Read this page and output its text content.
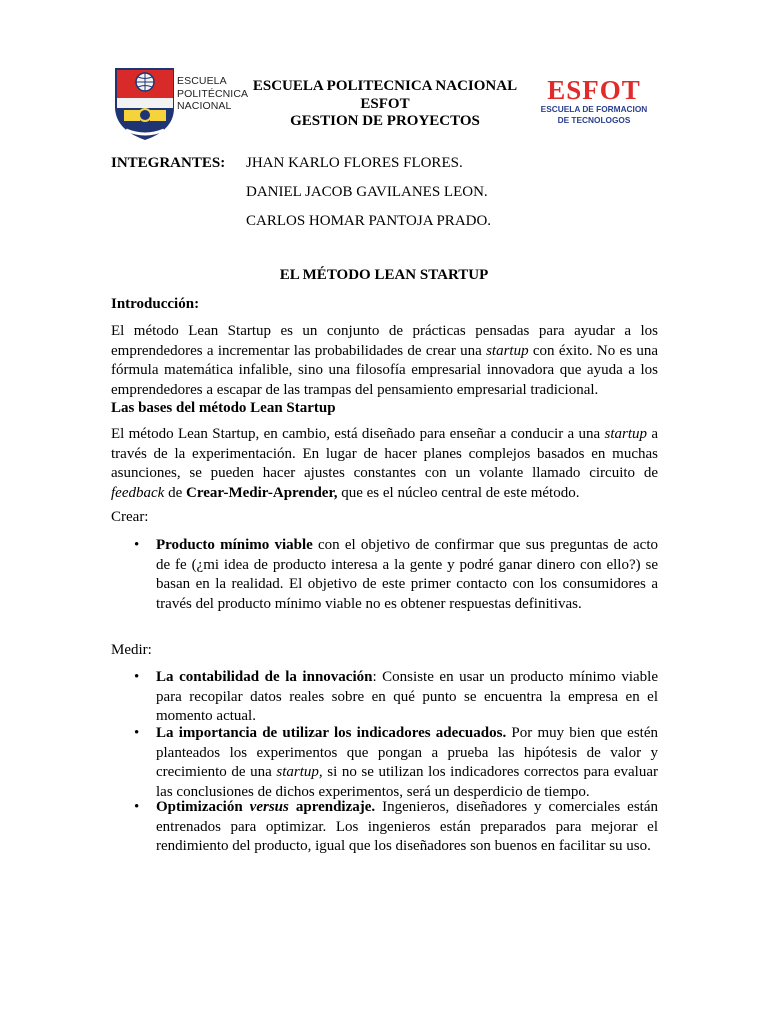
ESCUELA
POLITÉCNICA
NACIONAL
ESCUELA POLITECNICA NACIONAL
ESFOT
GESTION DE PROYECTOS
ESFOT
ESCUELA DE FORMACION
DE TECNOLOGOS
INTEGRANTES: JHAN KARLO FLORES FLORES.
DANIEL JACOB GAVILANES LEON.
CARLOS HOMAR PANTOJA PRADO.
EL MÉTODO LEAN STARTUP
Introducción:
El método Lean Startup es un conjunto de prácticas pensadas para ayudar a los emprendedores a incrementar las probabilidades de crear una startup con éxito. No es una fórmula matemática infalible, sino una filosofía empresarial innovadora que ayuda a los emprendedores a escapar de las trampas del pensamiento empresarial tradicional.
Las bases del método Lean Startup
El método Lean Startup, en cambio, está diseñado para enseñar a conducir a una startup a través de la experimentación. En lugar de hacer planes complejos basados en muchas asunciones, se pueden hacer ajustes constantes con un volante llamado circuito de feedback de Crear-Medir-Aprender, que es el núcleo central de este método.
Crear:
• Producto mínimo viable con el objetivo de confirmar que sus preguntas de acto de fe (¿mi idea de producto interesa a la gente y podré ganar dinero con ello?) se basan en la realidad. El objetivo de este primer contacto con los consumidores a través del producto mínimo viable no es obtener respuestas definitivas.
Medir:
• La contabilidad de la innovación: Consiste en usar un producto mínimo viable para recopilar datos reales sobre en qué punto se encuentra la empresa en el momento actual.
• La importancia de utilizar los indicadores adecuados. Por muy bien que estén planteados los experimentos que pongan a prueba las hipótesis de valor y crecimiento de una startup, si no se utilizan los indicadores correctos para evaluar las conclusiones de dichos experimentos, será un desperdicio de tiempo.
• Optimización versus aprendizaje. Ingenieros, diseñadores y comerciales están entrenados para optimizar. Los ingenieros están preparados para mejorar el rendimiento del producto, igual que los diseñadores son buenos en facilitar su uso.
